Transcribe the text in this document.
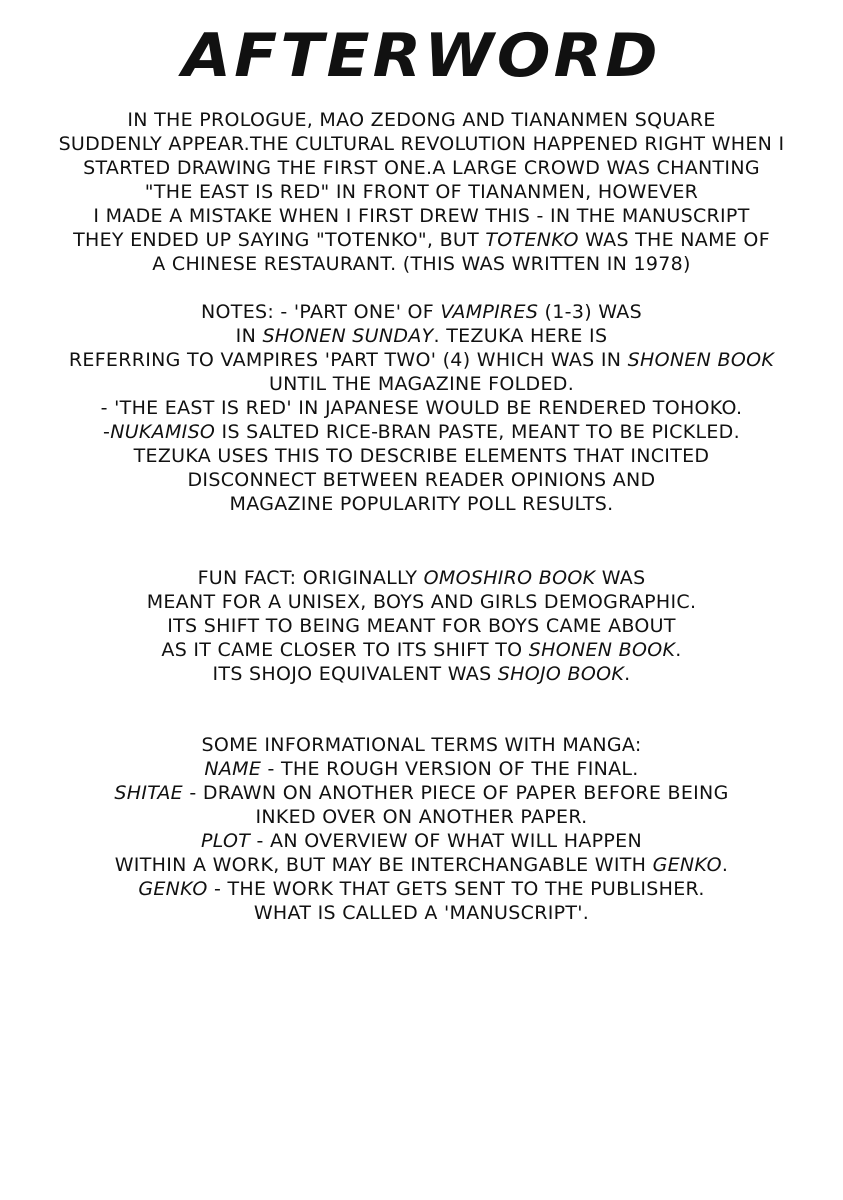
AFTERWORD
IN THE PROLOGUE, MAO ZEDONG AND TIANANMEN SQUARE
SUDDENLY APPEAR.THE CULTURAL REVOLUTION HAPPENED RIGHT WHEN I
STARTED DRAWING THE FIRST ONE.A LARGE CROWD WAS CHANTING
"THE EAST IS RED" IN FRONT OF TIANANMEN, HOWEVER
I MADE A MISTAKE WHEN I FIRST DREW THIS - IN THE MANUSCRIPT
THEY ENDED UP SAYING "TOTENKO", BUT TOTENKO WAS THE NAME OF
A CHINESE RESTAURANT. (THIS WAS WRITTEN IN 1978)
NOTES: - 'PART ONE' OF VAMPIRES (1-3) WAS
IN SHONEN SUNDAY. TEZUKA HERE IS
REFERRING TO VAMPIRES 'PART TWO' (4) WHICH WAS IN SHONEN BOOK
UNTIL THE MAGAZINE FOLDED.
- 'THE EAST IS RED' IN JAPANESE WOULD BE RENDERED TOHOKO.
-NUKAMISO IS SALTED RICE-BRAN PASTE, MEANT TO BE PICKLED.
TEZUKA USES THIS TO DESCRIBE ELEMENTS THAT INCITED
DISCONNECT BETWEEN READER OPINIONS AND
MAGAZINE POPULARITY POLL RESULTS.
FUN FACT: ORIGINALLY OMOSHIRO BOOK WAS
MEANT FOR A UNISEX, BOYS AND GIRLS DEMOGRAPHIC.
ITS SHIFT TO BEING MEANT FOR BOYS CAME ABOUT
AS IT CAME CLOSER TO ITS SHIFT TO SHONEN BOOK.
ITS SHOJO EQUIVALENT WAS SHOJO BOOK.
SOME INFORMATIONAL TERMS WITH MANGA:
NAME - THE ROUGH VERSION OF THE FINAL.
SHITAE - DRAWN ON ANOTHER PIECE OF PAPER BEFORE BEING
INKED OVER ON ANOTHER PAPER.
PLOT - AN OVERVIEW OF WHAT WILL HAPPEN
WITHIN A WORK, BUT MAY BE INTERCHANGABLE WITH GENKO.
GENKO - THE WORK THAT GETS SENT TO THE PUBLISHER.
WHAT IS CALLED A 'MANUSCRIPT'.
